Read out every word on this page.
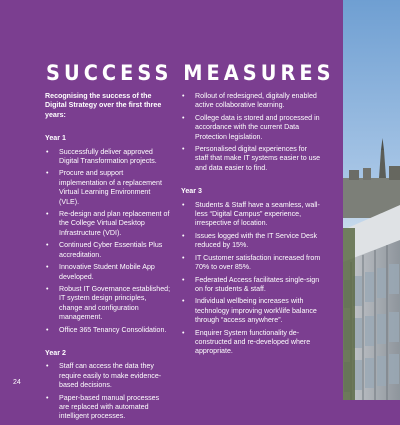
SUCCESS MEASURES
Recognising the success of the Digital Strategy over the first three years:
Year 1
• Successfully deliver approved Digital Transformation projects.
• Procure and support implementation of a replacement Virtual Learning Environment (VLE).
• Re-design and plan replacement of the College Virtual Desktop Infrastructure (VDI).
• Continued Cyber Essentials Plus accreditation.
• Innovative Student Mobile App developed.
• Robust IT Governance established; IT system design principles, change and configuration management.
• Office 365 Tenancy Consolidation.
Year 2
• Staff can access the data they require easily to make evidence-based decisions.
• Paper-based manual processes are replaced with automated intelligent processes.
• Rollout of redesigned, digitally enabled active collaborative learning.
• College data is stored and processed in accordance with the current Data Protection legislation.
• Personalised digital experiences for staff that make IT systems easier to use and data easier to find.
Year 3
• Students & Staff have a seamless, wall-less “Digital Campus” experience, irrespective of location.
• Issues logged with the IT Service Desk reduced by 15%.
• IT Customer satisfaction increased from 70% to over 85%.
• Federated Access facilitates single-sign on for students & staff.
• Individual wellbeing increases with technology improving work\life balance through “access anywhere”.
• Enquirer System functionality de-constructed and re-developed where appropriate.
24
